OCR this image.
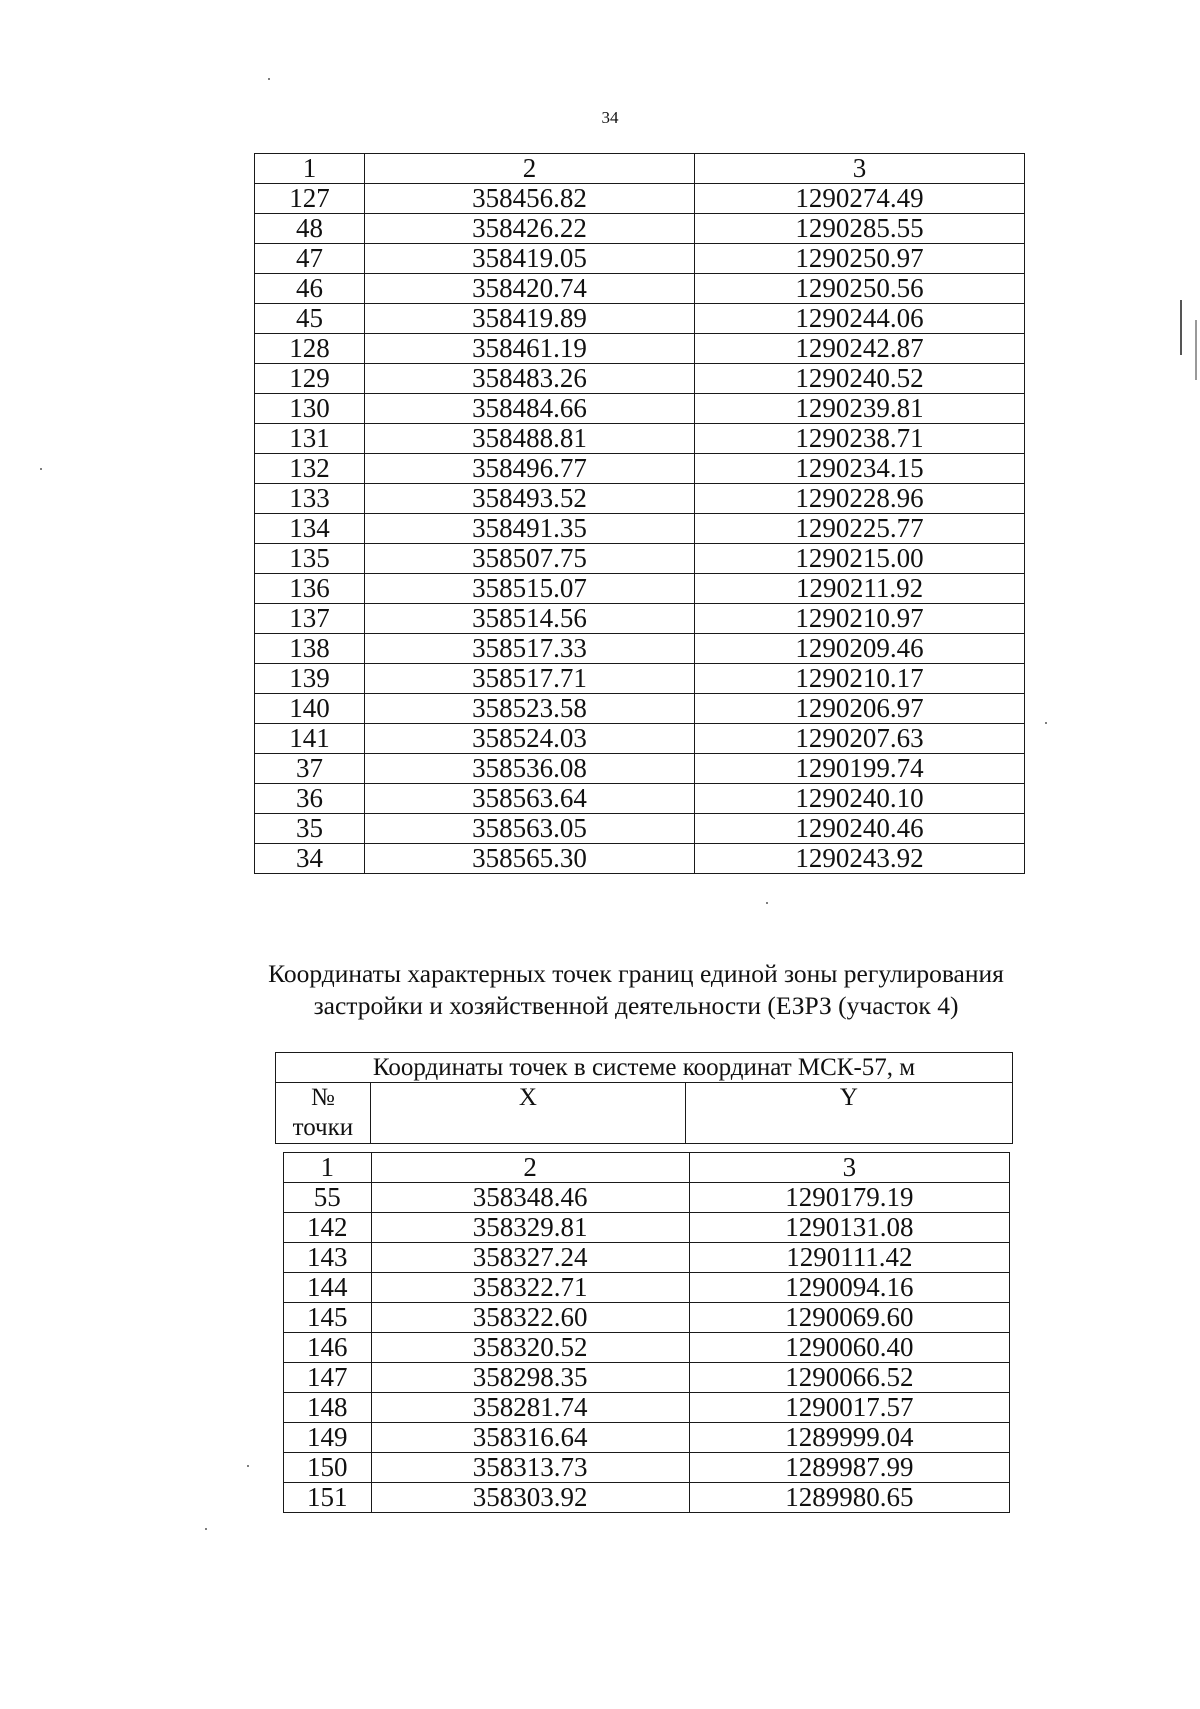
34
1	2	3
127	358456.82	1290274.49
48	358426.22	1290285.55
47	358419.05	1290250.97
46	358420.74	1290250.56
45	358419.89	1290244.06
128	358461.19	1290242.87
129	358483.26	1290240.52
130	358484.66	1290239.81
131	358488.81	1290238.71
132	358496.77	1290234.15
133	358493.52	1290228.96
134	358491.35	1290225.77
135	358507.75	1290215.00
136	358515.07	1290211.92
137	358514.56	1290210.97
138	358517.33	1290209.46
139	358517.71	1290210.17
140	358523.58	1290206.97
141	358524.03	1290207.63
37	358536.08	1290199.74
36	358563.64	1290240.10
35	358563.05	1290240.46
34	358565.30	1290243.92
Координаты характерных точек границ единой зоны регулирования
застройки и хозяйственной деятельности (ЕЗРЗ (участок 4)
Координаты точек в системе координат МСК-57, м

№
точки
	X	Y
1	2	3
55	358348.46	1290179.19
142	358329.81	1290131.08
143	358327.24	1290111.42
144	358322.71	1290094.16
145	358322.60	1290069.60
146	358320.52	1290060.40
147	358298.35	1290066.52
148	358281.74	1290017.57
149	358316.64	1289999.04
150	358313.73	1289987.99
151	358303.92	1289980.65
